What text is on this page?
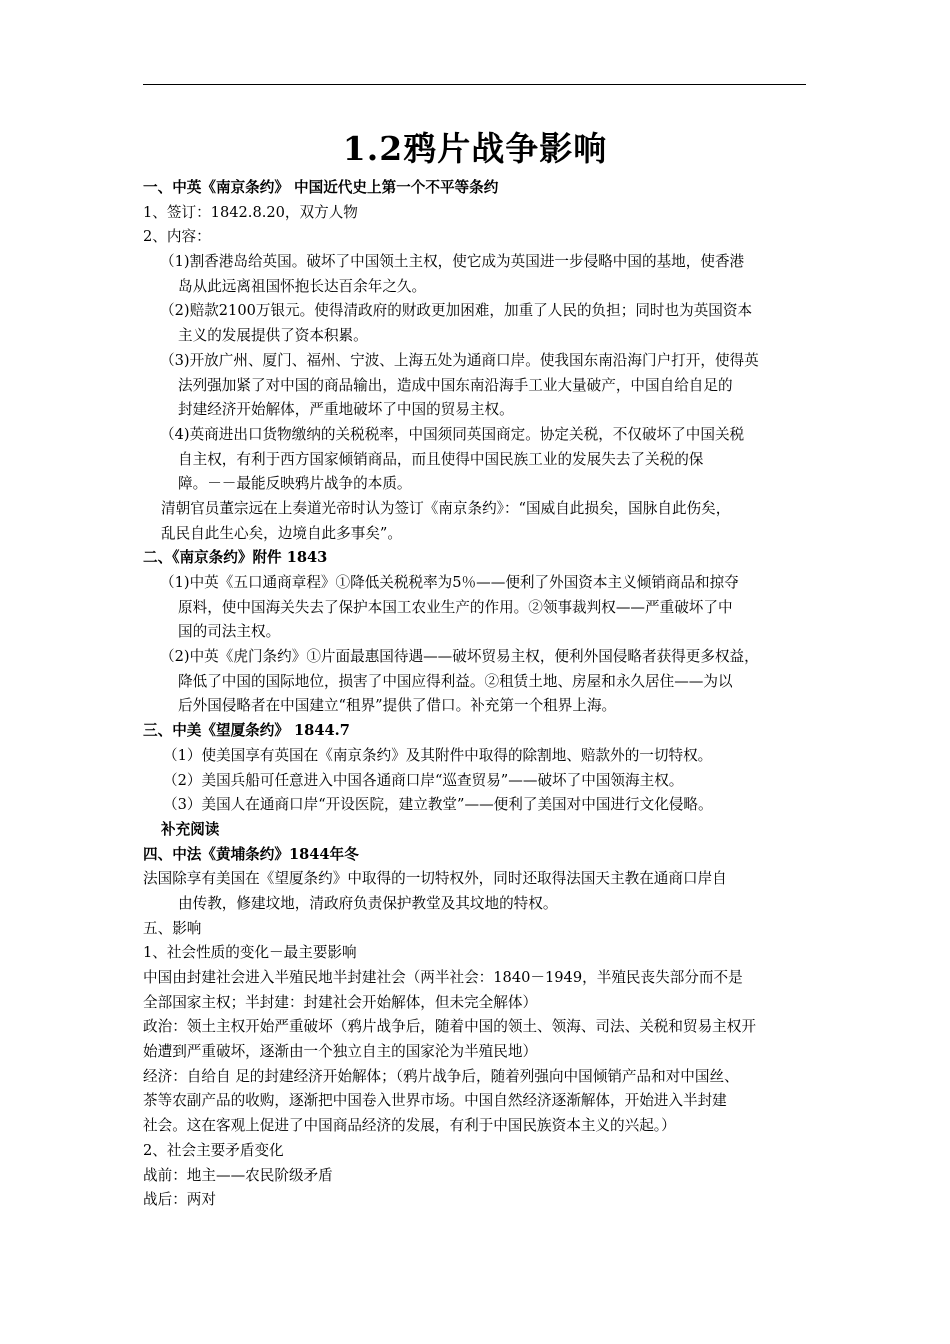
1.2鸦片战争影响
一、中英《南京条约》 中国近代史上第一个不平等条约
1、签订：1842.8.20，双方人物
2、内容：
（1)割香港岛给英国。破坏了中国领土主权，使它成为英国进一步侵略中国的基地，使香港
岛从此远离祖国怀抱长达百余年之久。
（2)赔款2100万银元。使得清政府的财政更加困难，加重了人民的负担；同时也为英国资本
主义的发展提供了资本积累。
（3)开放广州、厦门、福州、宁波、上海五处为通商口岸。使我国东南沿海门户打开，使得英
法列强加紧了对中国的商品输出，造成中国东南沿海手工业大量破产，中国自给自足的
封建经济开始解体，严重地破坏了中国的贸易主权。
（4)英商进出口货物缴纳的关税税率，中国须同英国商定。协定关税，不仅破坏了中国关税
自主权，有利于西方国家倾销商品，而且使得中国民族工业的发展失去了关税的保
障。－－最能反映鸦片战争的本质。
清朝官员董宗远在上奏道光帝时认为签订《南京条约》：“国威自此损矣，国脉自此伤矣，
乱民自此生心矣，边境自此多事矣”。
二、《南京条约》附件 1843
（1)中英《五口通商章程》①降低关税税率为5％——便利了外国资本主义倾销商品和掠夺
原料，使中国海关失去了保护本国工农业生产的作用。②领事裁判权——严重破坏了中
国的司法主权。
（2)中英《虎门条约》①片面最惠国待遇——破坏贸易主权，便利外国侵略者获得更多权益，
降低了中国的国际地位，损害了中国应得利益。②租赁土地、房屋和永久居住——为以
后外国侵略者在中国建立“租界”提供了借口。补充第一个租界上海。
三、中美《望厦条约》 1844.7
（1）使美国享有英国在《南京条约》及其附件中取得的除割地、赔款外的一切特权。
（2）美国兵船可任意进入中国各通商口岸“巡查贸易”——破坏了中国领海主权。
（3）美国人在通商口岸“开设医院，建立教堂”——便利了美国对中国进行文化侵略。
补充阅读
四、中法《黄埔条约》1844年冬
法国除享有美国在《望厦条约》中取得的一切特权外，同时还取得法国天主教在通商口岸自
由传教，修建坟地，清政府负责保护教堂及其坟地的特权。
五、影响
1、社会性质的变化－最主要影响
中国由封建社会进入半殖民地半封建社会（两半社会：1840－1949，半殖民丧失部分而不是
全部国家主权；半封建：封建社会开始解体，但未完全解体）
政治：领土主权开始严重破坏（鸦片战争后，随着中国的领土、领海、司法、关税和贸易主权开
始遭到严重破坏，逐渐由一个独立自主的国家沦为半殖民地）
经济：自给自 足的封建经济开始解体；（鸦片战争后，随着列强向中国倾销产品和对中国丝、
茶等农副产品的收购，逐渐把中国卷入世界市场。中国自然经济逐渐解体，开始进入半封建
社会。这在客观上促进了中国商品经济的发展，有利于中国民族资本主义的兴起。）
2、社会主要矛盾变化
战前：地主——农民阶级矛盾
战后：两对
